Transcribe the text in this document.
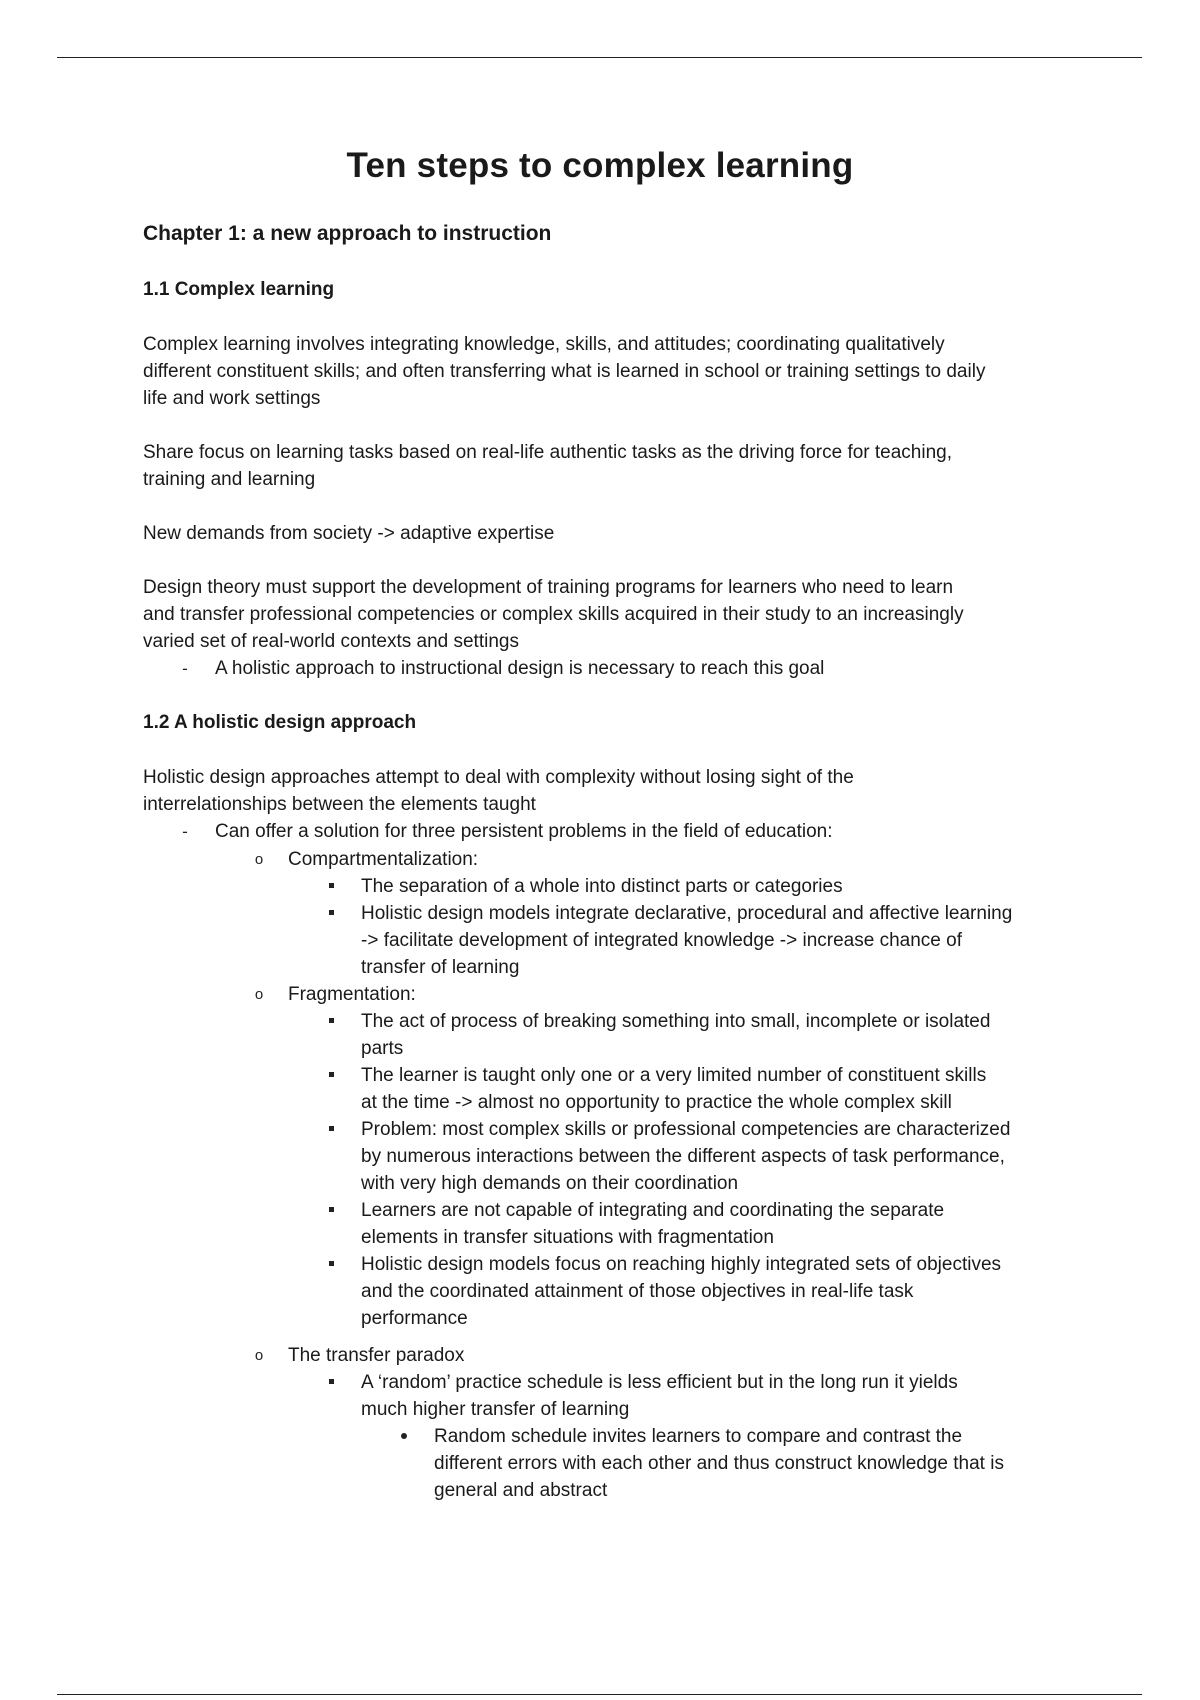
Ten steps to complex learning
Chapter 1: a new approach to instruction
1.1 Complex learning
Complex learning involves integrating knowledge, skills, and attitudes; coordinating qualitatively
different constituent skills; and often transferring what is learned in school or training settings to daily
life and work settings
Share focus on learning tasks based on real-life authentic tasks as the driving force for teaching,
training and learning
New demands from society -> adaptive expertise
Design theory must support the development of training programs for learners who need to learn
and transfer professional competencies or complex skills acquired in their study to an increasingly
varied set of real-world contexts and settings
- A holistic approach to instructional design is necessary to reach this goal
1.2 A holistic design approach
Holistic design approaches attempt to deal with complexity without losing sight of the
interrelationships between the elements taught
- Can offer a solution for three persistent problems in the field of education:
o Compartmentalization:
The separation of a whole into distinct parts or categories
Holistic design models integrate declarative, procedural and affective learning
-> facilitate development of integrated knowledge -> increase chance of
transfer of learning
o Fragmentation:
The act of process of breaking something into small, incomplete or isolated
parts
The learner is taught only one or a very limited number of constituent skills
at the time -> almost no opportunity to practice the whole complex skill
Problem: most complex skills or professional competencies are characterized
by numerous interactions between the different aspects of task performance,
with very high demands on their coordination
Learners are not capable of integrating and coordinating the separate
elements in transfer situations with fragmentation
Holistic design models focus on reaching highly integrated sets of objectives
and the coordinated attainment of those objectives in real-life task
performance
o The transfer paradox
A ‘random’ practice schedule is less efficient but in the long run it yields
much higher transfer of learning
Random schedule invites learners to compare and contrast the
different errors with each other and thus construct knowledge that is
general and abstract
